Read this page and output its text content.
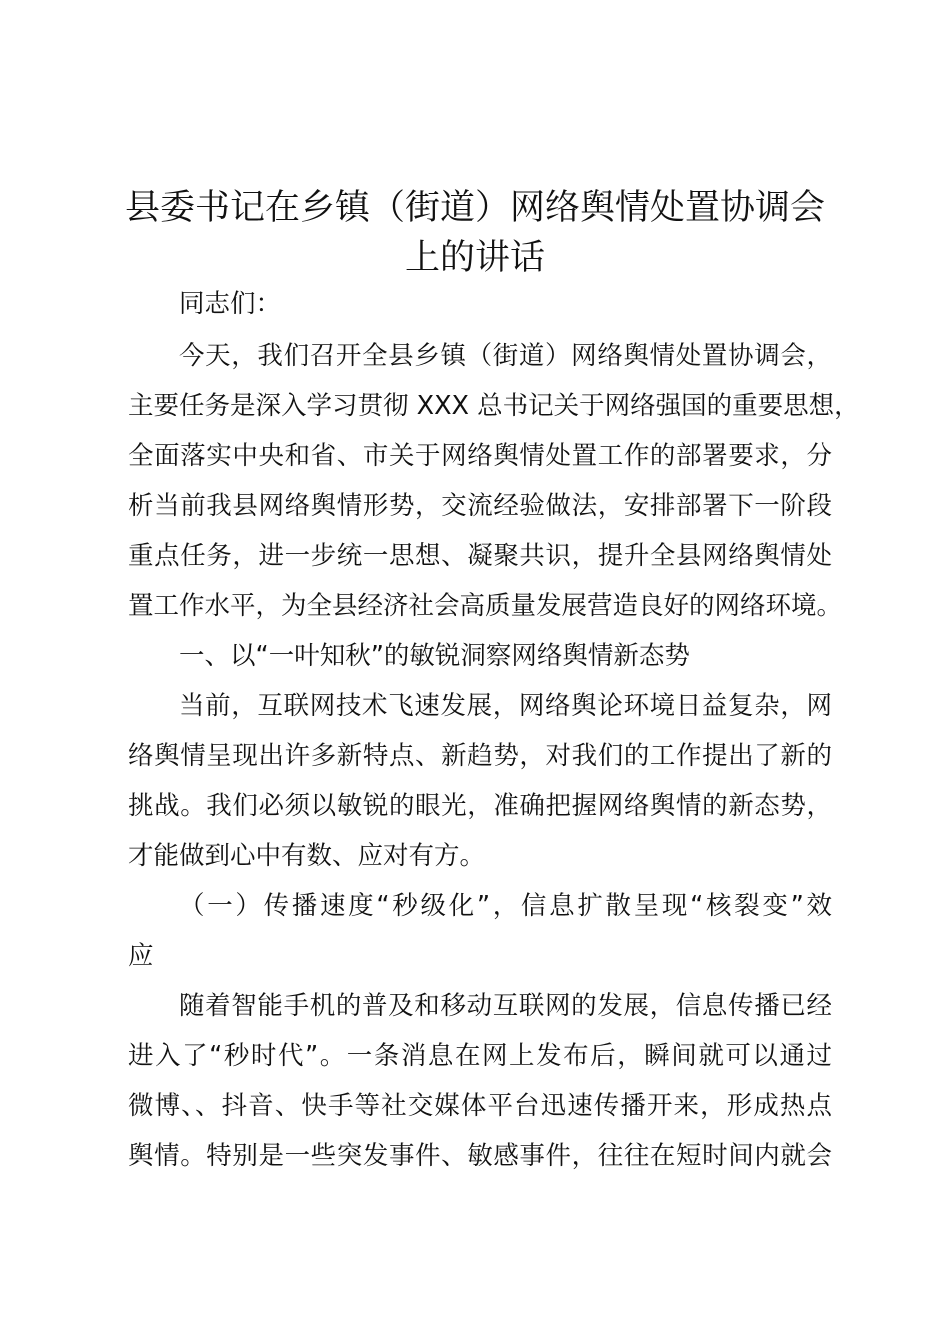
县委书记在乡镇（街道）网络舆情处置协调会
上的讲话
同志们：
今天，我们召开全县乡镇（街道）网络舆情处置协调会，
主要任务是深入学习贯彻 XXX 总书记关于网络强国的重要思想，
全面落实中央和省、市关于网络舆情处置工作的部署要求，分
析当前我县网络舆情形势，交流经验做法，安排部署下一阶段
重点任务，进一步统一思想、凝聚共识，提升全县网络舆情处
置工作水平，为全县经济社会高质量发展营造良好的网络环境。
一、以“一叶知秋”的敏锐洞察网络舆情新态势
当前，互联网技术飞速发展，网络舆论环境日益复杂，网
络舆情呈现出许多新特点、新趋势，对我们的工作提出了新的
挑战。我们必须以敏锐的眼光，准确把握网络舆情的新态势，
才能做到心中有数、应对有方。
（一）传播速度“秒级化”，信息扩散呈现“核裂变”效
应
随着智能手机的普及和移动互联网的发展，信息传播已经
进入了“秒时代”。一条消息在网上发布后，瞬间就可以通过
微博、、抖音、快手等社交媒体平台迅速传播开来，形成热点
舆情。特别是一些突发事件、敏感事件，往往在短时间内就会
